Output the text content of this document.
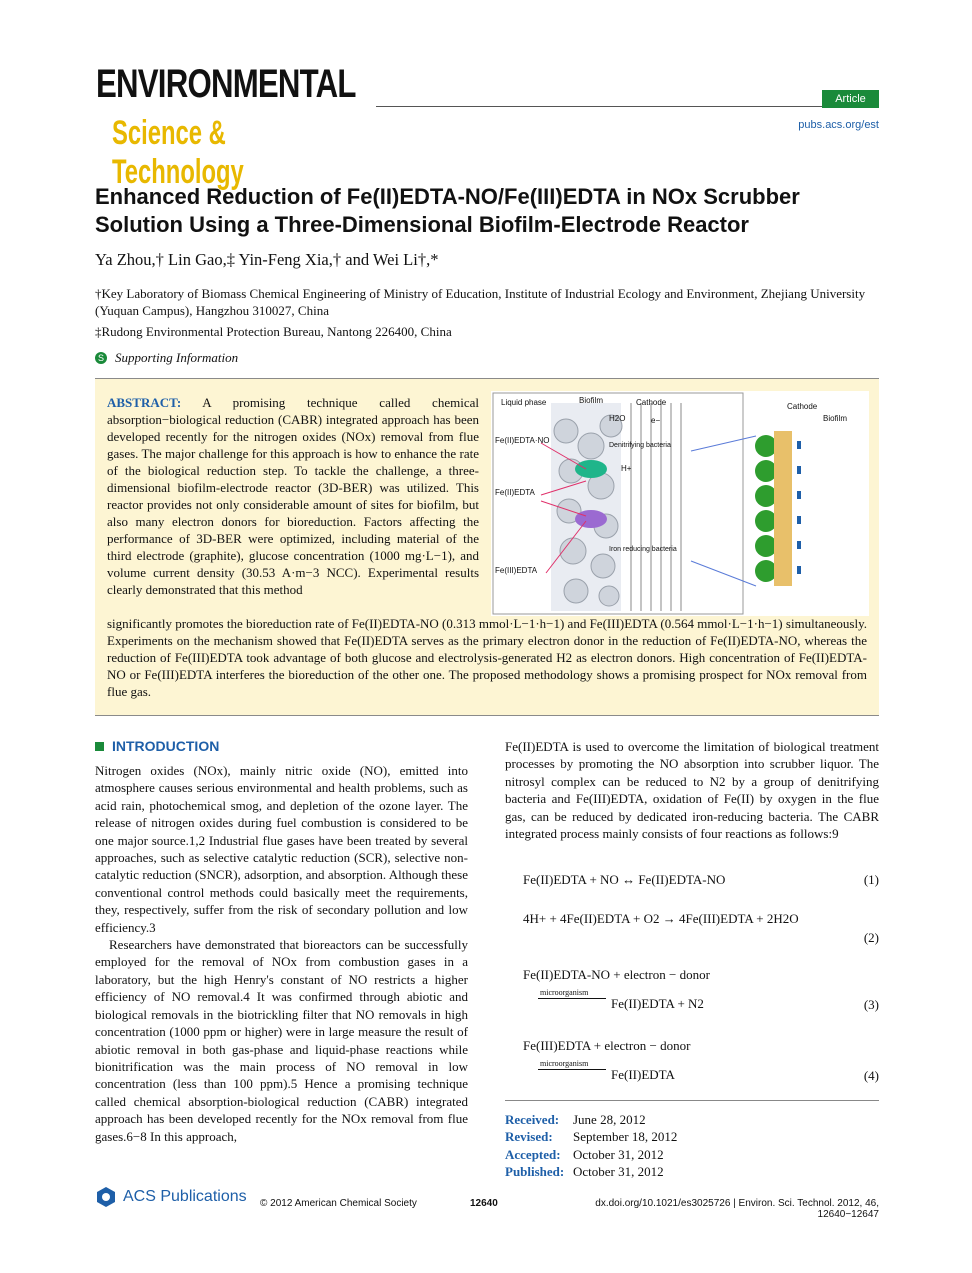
ENVIRONMENTAL
Science & Technology
Article
pubs.acs.org/est
Enhanced Reduction of Fe(II)EDTA-NO/Fe(III)EDTA in NOx Scrubber Solution Using a Three-Dimensional Biofilm-Electrode Reactor
Ya Zhou,† Lin Gao,‡ Yin-Feng Xia,† and Wei Li†,*
†Key Laboratory of Biomass Chemical Engineering of Ministry of Education, Institute of Industrial Ecology and Environment, Zhejiang University (Yuquan Campus), Hangzhou 310027, China
‡Rudong Environmental Protection Bureau, Nantong 226400, China
S Supporting Information
ABSTRACT: A promising technique called chemical absorption−biological reduction (CABR) integrated approach has been developed recently for the nitrogen oxides (NOx) removal from flue gases. The major challenge for this approach is how to enhance the rate of the biological reduction step. To tackle the challenge, a three-dimensional biofilm-electrode reactor (3D-BER) was utilized. This reactor provides not only considerable amount of sites for biofilm, but also many electron donors for bioreduction. Factors affecting the performance of 3D-BER were optimized, including material of the third electrode (graphite), glucose concentration (1000 mg·L−1), and volume current density (30.53 A·m−3 NCC). Experimental results clearly demonstrated that this method
Liquid phase	Biofilm	Cathode
Fe(II)EDTA·NO
Denitrifying bacteria
Fe(II)EDTA
Fe(III)EDTA
Iron reducing bacteria
H2O
H+
e−
Cathode
Biofilm
significantly promotes the bioreduction rate of Fe(II)EDTA-NO (0.313 mmol·L−1·h−1) and Fe(III)EDTA (0.564 mmol·L−1·h−1) simultaneously. Experiments on the mechanism showed that Fe(II)EDTA serves as the primary electron donor in the reduction of Fe(II)EDTA-NO, whereas the reduction of Fe(III)EDTA took advantage of both glucose and electrolysis-generated H2 as electron donors. High concentration of Fe(II)EDTA-NO or Fe(III)EDTA interferes the bioreduction of the other one. The proposed methodology shows a promising prospect for NOx removal from flue gas.
INTRODUCTION

Nitrogen oxides (NOx), mainly nitric oxide (NO), emitted into atmosphere causes serious environmental and health problems, such as acid rain, photochemical smog, and depletion of the ozone layer. The release of nitrogen oxides during fuel combustion is considered to be one major source.1,2 Industrial flue gases have been treated by several approaches, such as selective catalytic reduction (SCR), selective non-catalytic reduction (SNCR), adsorption, and absorption. Although these conventional control methods could basically meet the requirements, they, respectively, suffer from the risk of secondary pollution and low efficiency.3

Researchers have demonstrated that bioreactors can be successfully employed for the removal of NOx from combustion gases in a laboratory, but the high Henry's constant of NO restricts a higher efficiency of NO removal.4 It was confirmed through abiotic and biological removals in the biotrickling filter that NO removals in high concentration (1000 ppm or higher) were in large measure the result of abiotic removal in both gas-phase and liquid-phase reactions while bionitrification was the main process of NO removal in low concentration (less than 100 ppm).5 Hence a promising technique called chemical absorption-biological reduction (CABR) integrated approach has been developed recently for the NOx removal from flue gases.6−8 In this approach,

Fe(II)EDTA is used to overcome the limitation of biological treatment processes by promoting the NO absorption into scrubber liquor. The nitrosyl complex can be reduced to N2 by a group of denitrifying bacteria and Fe(III)EDTA, oxidation of Fe(II) by oxygen in the flue gas, can be reduced by dedicated iron-reducing bacteria. The CABR integrated process mainly consists of four reactions as follows:9

Fe(II)EDTA + NO ↔ Fe(II)EDTA-NO	(1)
4H+ + 4Fe(II)EDTA + O2 → 4Fe(III)EDTA + 2H2O
(2)
Fe(II)EDTA-NO + electron − donor
microorganism
Fe(II)EDTA + N2	(3)
Fe(III)EDTA + electron − donor
microorganism
Fe(II)EDTA	(4)
Received: June 28, 2012
Revised: September 18, 2012
Accepted: October 31, 2012
Published: October 31, 2012
ACS Publications © 2012 American Chemical Society	12640	dx.doi.org/10.1021/es3025726 | Environ. Sci. Technol. 2012, 46, 12640−12647
